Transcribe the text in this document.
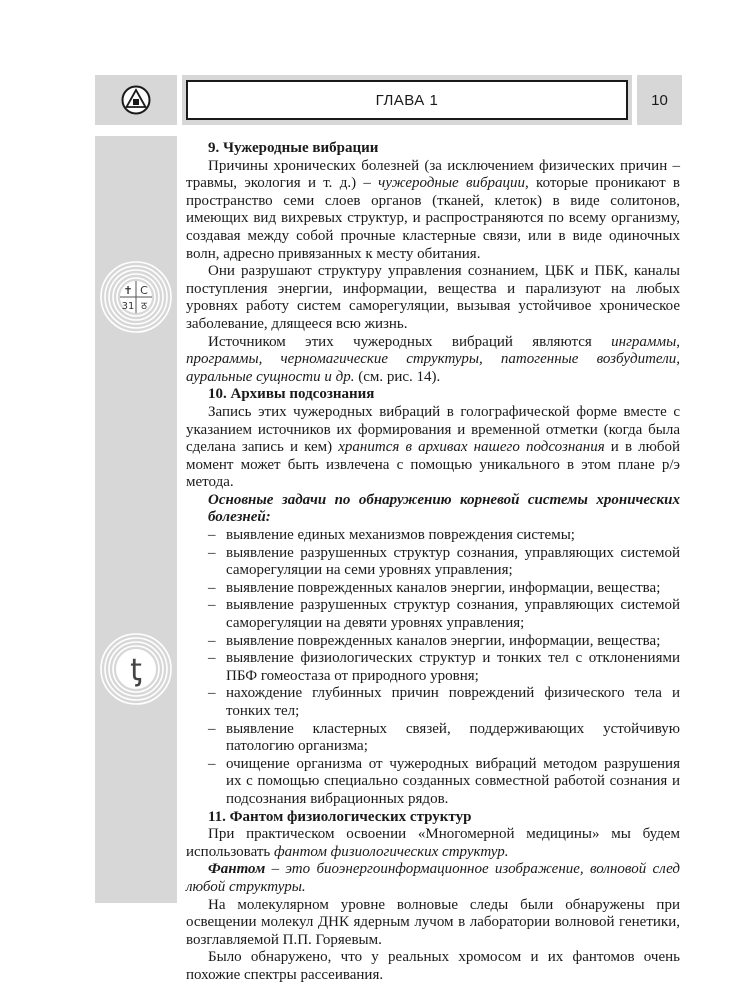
ГЛАВА 1	10
✝ C
31 ठ
ƫ
9. Чужеродные вибрации

Причины хронических болезней (за исключением физических причин – травмы, экология и т. д.) – чужеродные вибрации, которые проникают в пространство семи слоев органов (тканей, клеток) в виде солитонов, имеющих вид вихревых структур, и распространяются по всему организму, создавая между собой прочные кластерные связи, или в виде одиночных волн, адресно привязанных к месту обитания.

Они разрушают структуру управления сознанием, ЦБК и ПБК, каналы поступления энергии, информации, вещества и парализуют на любых уровнях работу систем саморегуляции, вызывая устойчивое хроническое заболевание, длящееся всю жизнь.

Источником этих чужеродных вибраций являются инграммы, программы, черномагические структуры, патогенные возбудители, ауральные сущности и др. (см. рис. 14).

10. Архивы подсознания

Запись этих чужеродных вибраций в голографической форме вместе с указанием источников их формирования и временной отметки (когда была сделана запись и кем) хранится в архивах нашего подсознания и в любой момент может быть извлечена с помощью уникального в этом плане р/э метода.

Основные задачи по обнаружению корневой системы хронических болезней:

– выявление единых механизмов повреждения системы;
– выявление разрушенных структур сознания, управляющих системой саморегуляции на семи уровнях управления;
– выявление поврежденных каналов энергии, информации, вещества;
– выявление разрушенных структур сознания, управляющих системой саморегуляции на девяти уровнях управления;
– выявление поврежденных каналов энергии, информации, вещества;
– выявление физиологических структур и тонких тел с отклонениями ПБФ гомеостаза от природного уровня;
– нахождение глубинных причин повреждений физического тела и тонких тел;
– выявление кластерных связей, поддерживающих устойчивую патологию организма;
– очищение организма от чужеродных вибраций методом разрушения их с помощью специально созданных совместной работой сознания и подсознания вибрационных рядов.
11. Фантом физиологических структур

При практическом освоении «Многомерной медицины» мы будем использовать фантом физиологических структур.

Фантом – это биоэнергоинформационное изображение, волновой след любой структуры.

На молекулярном уровне волновые следы были обнаружены при освещении молекул ДНК ядерным лучом в лаборатории волновой генетики, возглавляемой П.П. Горяевым.

Было обнаружено, что у реальных хромосом и их фантомов очень похожие спектры рассеивания.
